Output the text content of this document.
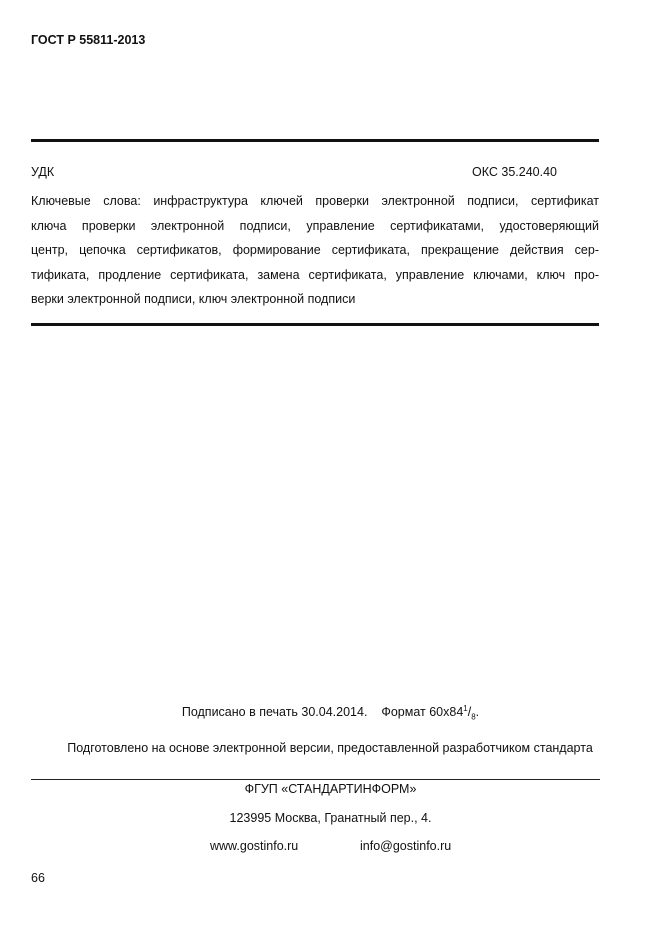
ГОСТ Р 55811-2013
УДК	ОКС 35.240.40
Ключевые слова: инфраструктура ключей проверки электронной подписи, сертификат
ключа проверки электронной подписи, управление сертификатами, удостоверяющий
центр, цепочка сертификатов, формирование сертификата, прекращение действия сер-
тификата, продление сертификата, замена сертификата, управление ключами, ключ про-
верки электронной подписи, ключ электронной подписи
Подписано в печать 30.04.2014. Формат $60x84^1/_8$.
Подготовлено на основе электронной версии, предоставленной разработчиком стандарта
ФГУП «СТАНДАРТИНФОРМ»
123995 Москва, Гранатный пер., 4.
www.gostinfo.ru	info@gostinfo.ru
66
